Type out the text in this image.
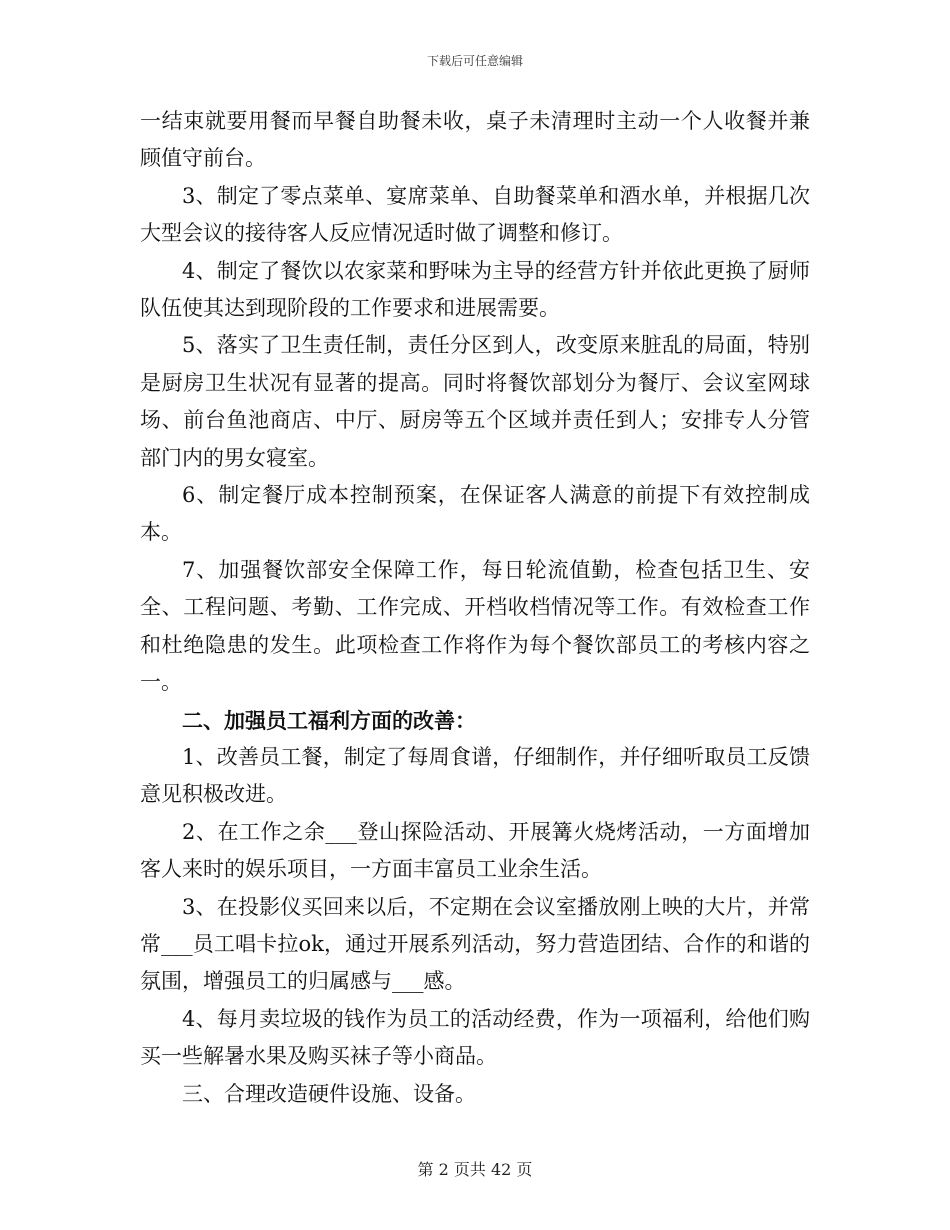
下载后可任意编辑

一结束就要用餐而早餐自助餐未收，桌子未清理时主动一个人收餐并兼顾值守前台。

3、制定了零点菜单、宴席菜单、自助餐菜单和酒水单，并根据几次大型会议的接待客人反应情况适时做了调整和修订。

4、制定了餐饮以农家菜和野味为主导的经营方针并依此更换了厨师队伍使其达到现阶段的工作要求和进展需要。

5、落实了卫生责任制，责任分区到人，改变原来脏乱的局面，特别是厨房卫生状况有显著的提高。同时将餐饮部划分为餐厅、会议室网球场、前台鱼池商店、中厅、厨房等五个区域并责任到人；安排专人分管部门内的男女寝室。

6、制定餐厅成本控制预案，在保证客人满意的前提下有效控制成本。

7、加强餐饮部安全保障工作，每日轮流值勤，检查包括卫生、安全、工程问题、考勤、工作完成、开档收档情况等工作。有效检查工作和杜绝隐患的发生。此项检查工作将作为每个餐饮部员工的考核内容之一。

二、加强员工福利方面的改善：

1、改善员工餐，制定了每周食谱，仔细制作，并仔细听取员工反馈意见积极改进。

2、在工作之余___登山探险活动、开展篝火烧烤活动，一方面增加客人来时的娱乐项目，一方面丰富员工业余生活。

3、在投影仪买回来以后，不定期在会议室播放刚上映的大片，并常常___员工唱卡拉ok，通过开展系列活动，努力营造团结、合作的和谐的氛围，增强员工的归属感与___感。

4、每月卖垃圾的钱作为员工的活动经费，作为一项福利，给他们购买一些解暑水果及购买袜子等小商品。

三、合理改造硬件设施、设备。

第 2 页共 42 页
